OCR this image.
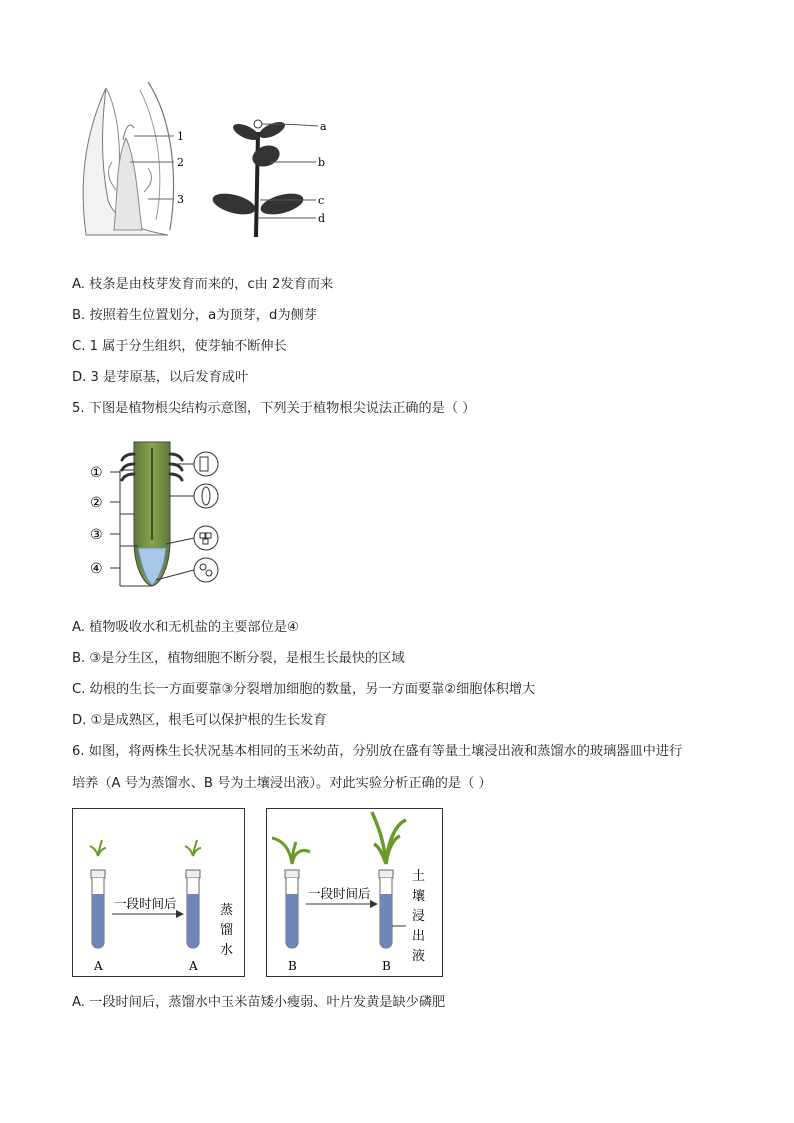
1
2
3
a
b
c
d
A. 枝条是由枝芽发育而来的，c由 2发育而来
B. 按照着生位置划分，a为顶芽，d为侧芽
C. 1 属于分生组织，使芽轴不断伸长
D. 3 是芽原基，以后发育成叶
5. 下图是植物根尖结构示意图，下列关于植物根尖说法正确的是（ ）
①
②
③
④
A. 植物吸收水和无机盐的主要部位是④
B. ③是分生区，植物细胞不断分裂，是根生长最快的区域
C. 幼根的生长一方面要靠③分裂增加细胞的数量，另一方面要靠②细胞体积增大
D. ①是成熟区，根毛可以保护根的生长发育
6. 如图，将两株生长状况基本相同的玉米幼苗，分别放在盛有等量土壤浸出液和蒸馏水的玻璃器皿中进行
培养（A 号为蒸馏水、B 号为土壤浸出液）。对此实验分析正确的是（ ）
一段时间后
A	A
蒸
馏
水
一段时间后
B	B
土
壤
浸
出
液
A. 一段时间后，蒸馏水中玉米苗矮小瘦弱、叶片发黄是缺少磷肥
